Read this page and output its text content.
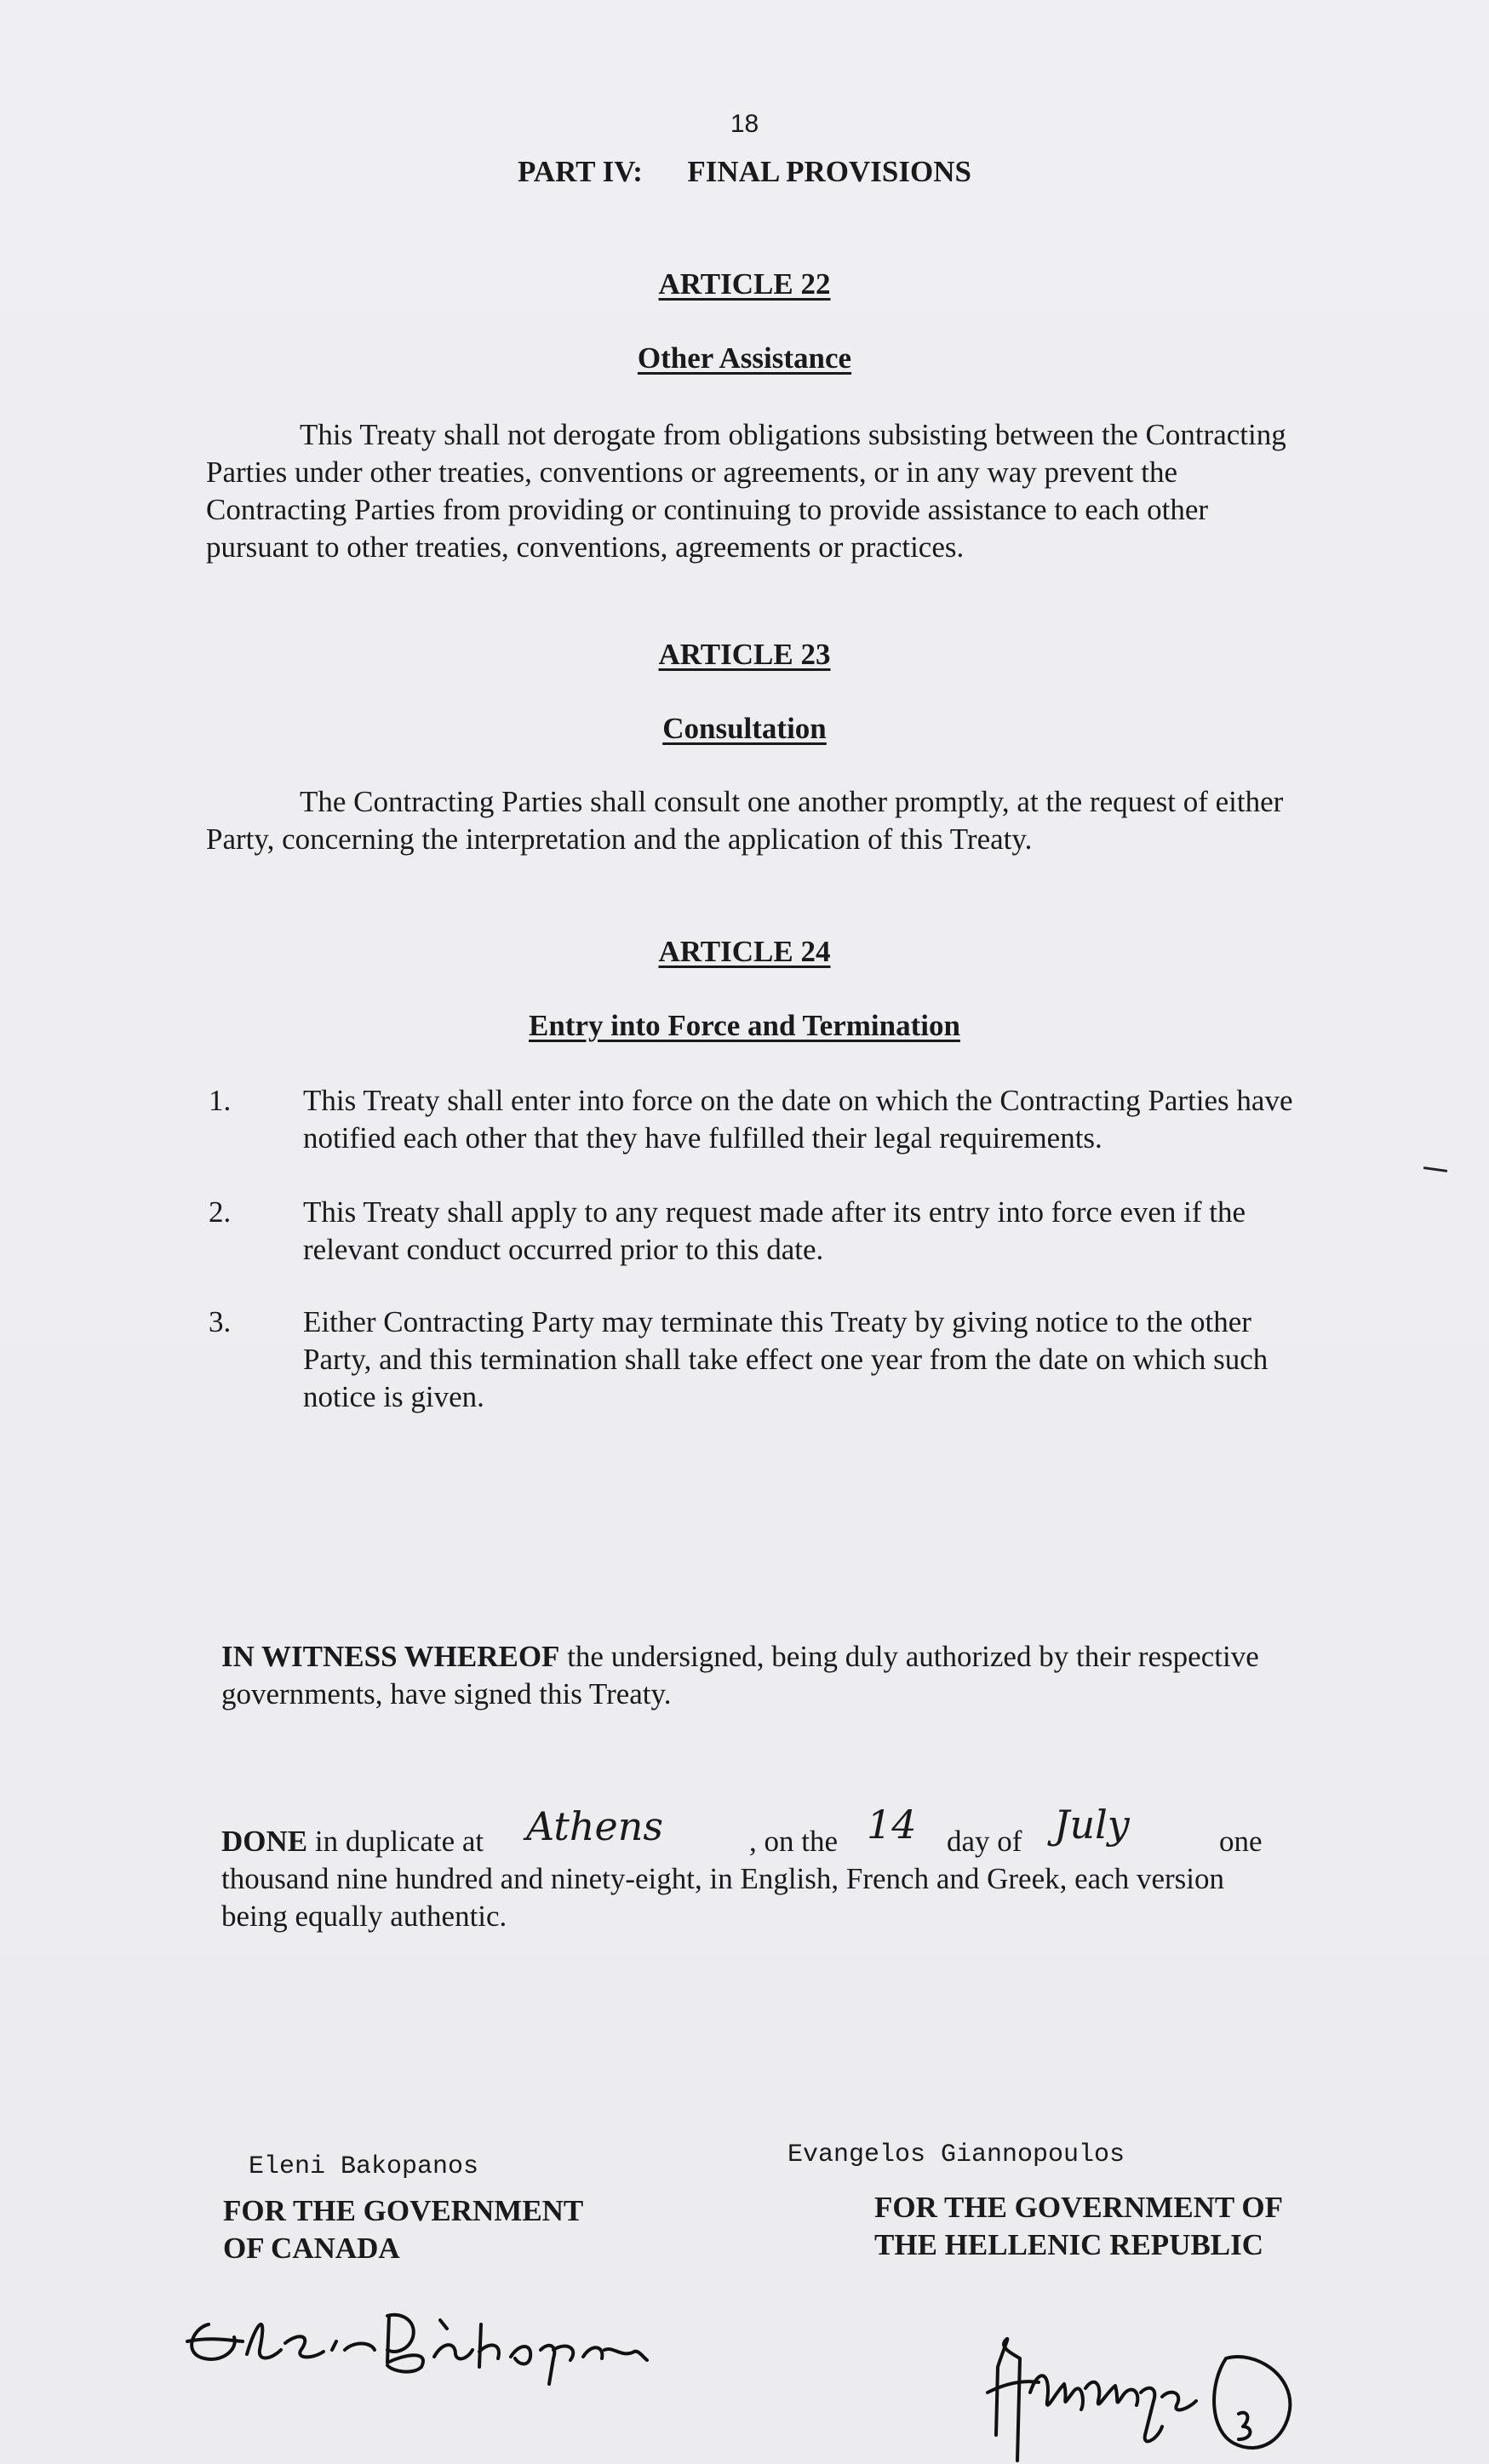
18
PART IV:      FINAL PROVISIONS
ARTICLE 22
Other Assistance
This Treaty shall not derogate from obligations subsisting between the Contracting Parties under other treaties, conventions or agreements, or in any way prevent the Contracting Parties from providing or continuing to provide assistance to each other pursuant to other treaties, conventions, agreements or practices.
ARTICLE 23
Consultation
The Contracting Parties shall consult one another promptly, at the request of either Party, concerning the interpretation and the application of this Treaty.
ARTICLE 24
Entry into Force and Termination
1. This Treaty shall enter into force on the date on which the Contracting Parties have notified each other that they have fulfilled their legal requirements.
2. This Treaty shall apply to any request made after its entry into force even if the relevant conduct occurred prior to this date.
3. Either Contracting Party may terminate this Treaty by giving notice to the other Party, and this termination shall take effect one year from the date on which such notice is given.
IN WITNESS WHEREOF the undersigned, being duly authorized by their respective governments, have signed this Treaty.
DONE in duplicate at Athens	, on the 14 day of July	one
thousand nine hundred and ninety-eight, in English, French and Greek, each version
being equally authentic.
Eleni Bakopanos
FOR THE GOVERNMENT
OF CANADA
Evangelos Giannopoulos
FOR THE GOVERNMENT OF
THE HELLENIC REPUBLIC
